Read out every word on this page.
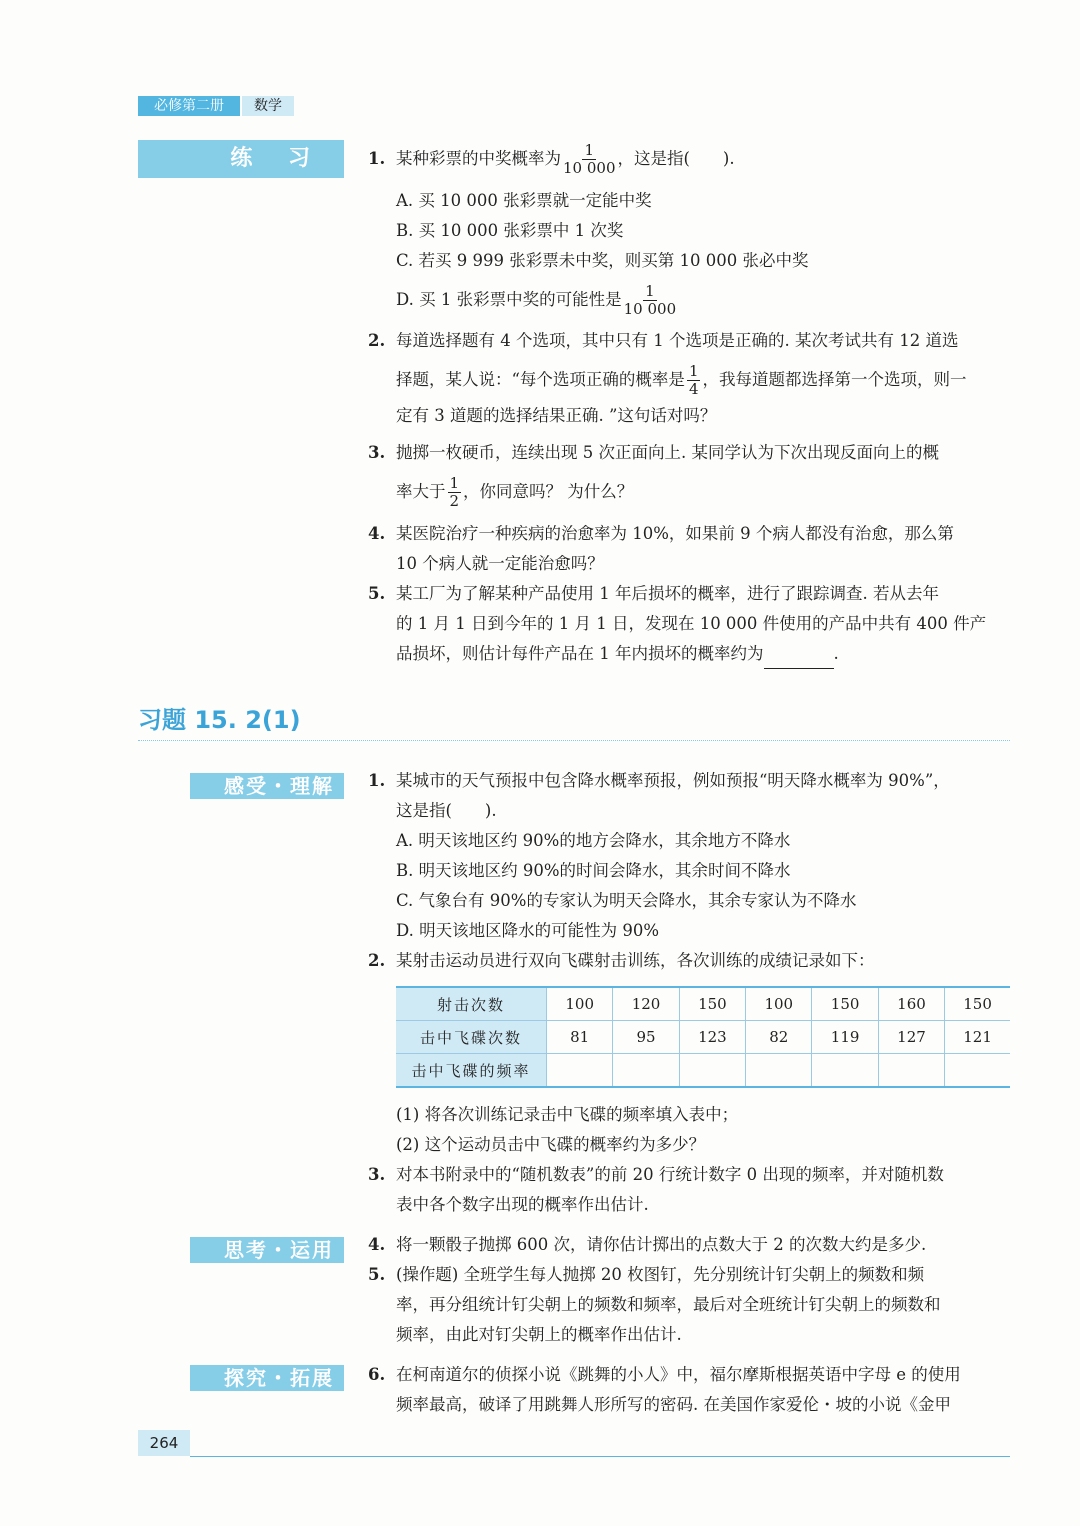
必修第二册	数学
练 习	1. 某种彩票的中奖概率为 $\frac{1}{10 000}$ ，这是指(　　).
A. 买 10 000 张彩票就一定能中奖
B. 买 10 000 张彩票中 1 次奖
C. 若买 9 999 张彩票未中奖，则买第 10 000 张必中奖
D. 买 1 张彩票中奖的可能性是 $\frac{1}{10 000}$
2. 每道选择题有 4 个选项，其中只有 1 个选项是正确的. 某次考试共有 12 道选
择题，某人说：“每个选项正确的概率是 $\frac{1}{4}$ ，我每道题都选择第一个选项，则一
定有 3 道题的选择结果正确. ”这句话对吗？
3. 抛掷一枚硬币，连续出现 5 次正面向上. 某同学认为下次出现反面向上的概
率大于 $\frac{1}{2}$ ，你同意吗？ 为什么？
4. 某医院治疗一种疾病的治愈率为 10%，如果前 9 个病人都没有治愈，那么第
10 个病人就一定能治愈吗？
5. 某工厂为了解某种产品使用 1 年后损坏的概率，进行了跟踪调查. 若从去年
的 1 月 1 日到今年的 1 月 1 日，发现在 10 000 件使用的产品中共有 400 件产
品损坏，则估计每件产品在 1 年内损坏的概率约为	.
习题 15. 2(1)
感受・理解	1. 某城市的天气预报中包含降水概率预报，例如预报“明天降水概率为 90%”，
这是指(　　).
A. 明天该地区约 90%的地方会降水，其余地方不降水
B. 明天该地区约 90%的时间会降水，其余时间不降水
C. 气象台有 90%的专家认为明天会降水，其余专家认为不降水
D. 明天该地区降水的可能性为 90%
2. 某射击运动员进行双向飞碟射击训练，各次训练的成绩记录如下：
射击次数	100	120	150	100	150	160	150
击中飞碟次数	81	95	123	82	119	127	121
击中飞碟的频率							
(1) 将各次训练记录击中飞碟的频率填入表中；
(2) 这个运动员击中飞碟的概率约为多少？
3. 对本书附录中的“随机数表”的前 20 行统计数字 0 出现的频率，并对随机数
表中各个数字出现的概率作出估计.
思考・运用	4. 将一颗骰子抛掷 600 次，请你估计掷出的点数大于 2 的次数大约是多少.
5. (操作题) 全班学生每人抛掷 20 枚图钉，先分别统计钉尖朝上的频数和频
率，再分组统计钉尖朝上的频数和频率，最后对全班统计钉尖朝上的频数和
频率，由此对钉尖朝上的概率作出估计.
探究・拓展	6. 在柯南道尔的侦探小说《跳舞的小人》中，福尔摩斯根据英语中字母 e 的使用
频率最高，破译了用跳舞人形所写的密码. 在美国作家爱伦・坡的小说《金甲
264
